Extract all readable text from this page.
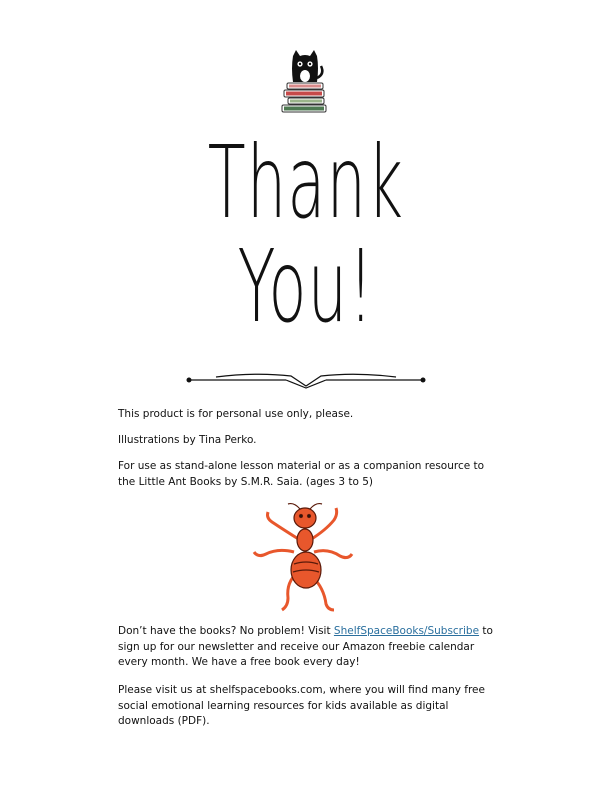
Thank
You!

This product is for personal use only, please.

Illustrations by Tina Perko.

For use as stand-alone lesson material or as a companion resource to the Little Ant Books by S.M.R. Saia. (ages 3 to 5)

Don’t have the books? No problem! Visit ShelfSpaceBooks/Subscribe to sign up for our newsletter and receive our Amazon freebie calendar every month. We have a free book every day!

Please visit us at shelfspacebooks.com, where you will find many free social emotional learning resources for kids available as digital downloads (PDF).
